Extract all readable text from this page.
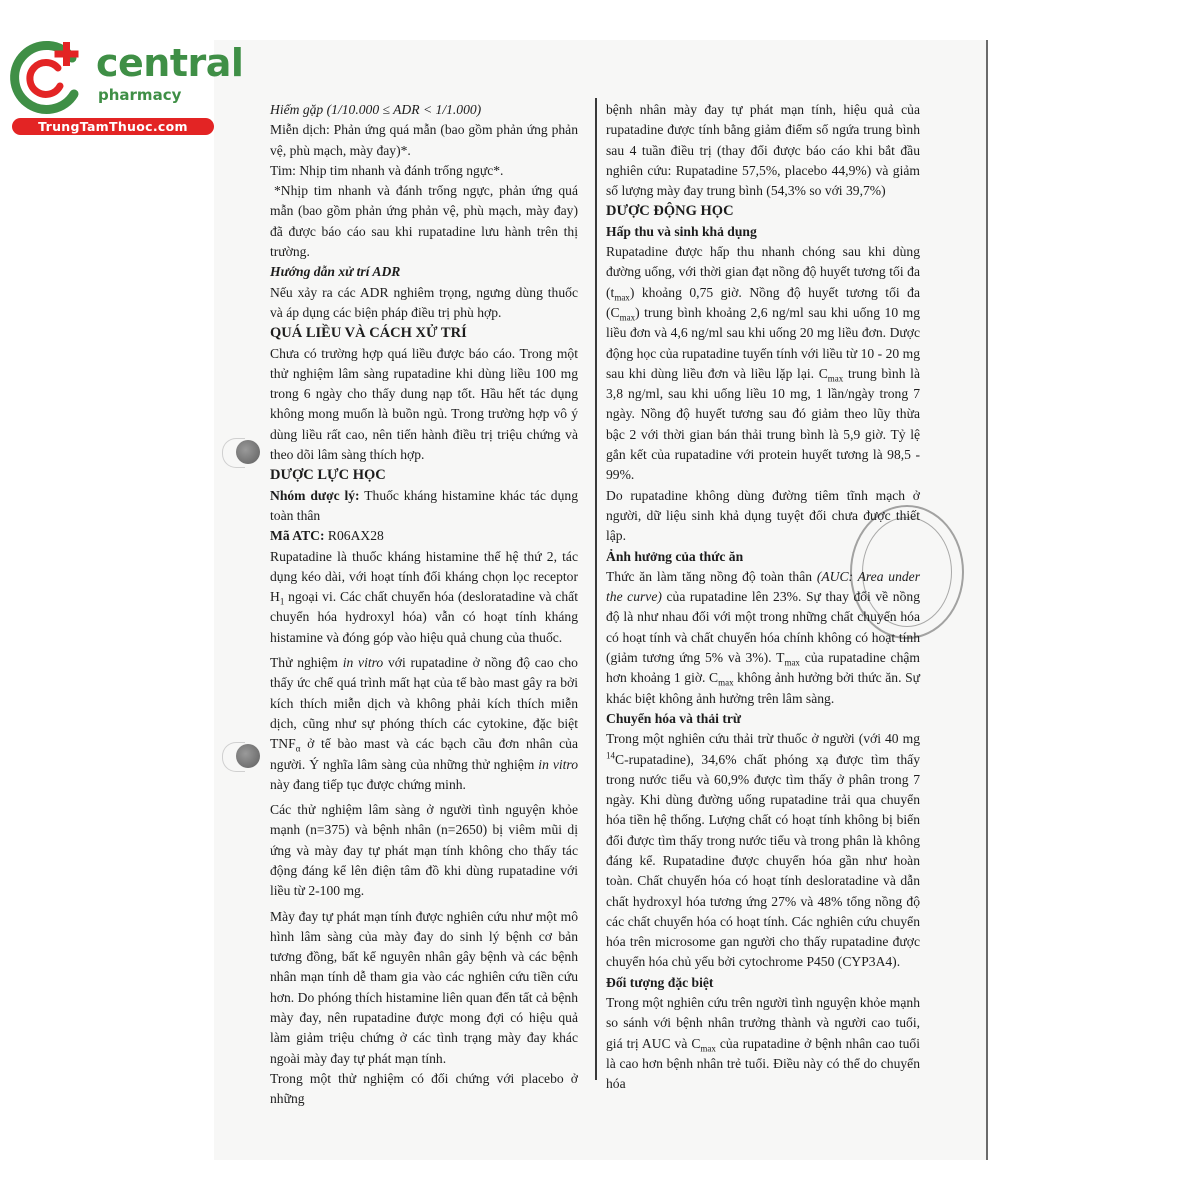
central
pharmacy
TrungTamThuoc.com

Hiếm gặp (1/10.000 ≤ ADR < 1/1.000)

Miễn dịch: Phản ứng quá mẫn (bao gồm phản ứng phản vệ, phù mạch, mày đay)*.

Tim: Nhịp tim nhanh và đánh trống ngực*.

*Nhịp tim nhanh và đánh trống ngực, phản ứng quá mẫn (bao gồm phản ứng phản vệ, phù mạch, mày đay) đã được báo cáo sau khi rupatadine lưu hành trên thị trường.

Hướng dẫn xử trí ADR

Nếu xảy ra các ADR nghiêm trọng, ngưng dùng thuốc và áp dụng các biện pháp điều trị phù hợp.

QUÁ LIỀU VÀ CÁCH XỬ TRÍ

Chưa có trường hợp quá liều được báo cáo. Trong một thử nghiệm lâm sàng rupatadine khi dùng liều 100 mg trong 6 ngày cho thấy dung nạp tốt. Hầu hết tác dụng không mong muốn là buồn ngủ. Trong trường hợp vô ý dùng liều rất cao, nên tiến hành điều trị triệu chứng và theo dõi lâm sàng thích hợp.

DƯỢC LỰC HỌC

Nhóm dược lý: Thuốc kháng histamine khác tác dụng toàn thân

Mã ATC: R06AX28

Rupatadine là thuốc kháng histamine thế hệ thứ 2, tác dụng kéo dài, với hoạt tính đối kháng chọn lọc receptor $H_1$ ngoại vi. Các chất chuyển hóa (desloratadine và chất chuyển hóa hydroxyl hóa) vẫn có hoạt tính kháng histamine và đóng góp vào hiệu quả chung của thuốc.

Thử nghiệm in vitro với rupatadine ở nồng độ cao cho thấy ức chế quá trình mất hạt của tế bào mast gây ra bởi kích thích miễn dịch và không phải kích thích miễn dịch, cũng như sự phóng thích các cytokine, đặc biệt $TNF_\alpha$ ở tế bào mast và các bạch cầu đơn nhân của người. Ý nghĩa lâm sàng của những thử nghiệm in vitro này đang tiếp tục được chứng minh.

Các thử nghiệm lâm sàng ở người tình nguyện khỏe mạnh (n=375) và bệnh nhân (n=2650) bị viêm mũi dị ứng và mày đay tự phát mạn tính không cho thấy tác động đáng kể lên điện tâm đồ khi dùng rupatadine với liều từ 2-100 mg.

Mày đay tự phát mạn tính được nghiên cứu như một mô hình lâm sàng của mày đay do sinh lý bệnh cơ bản tương đồng, bất kể nguyên nhân gây bệnh và các bệnh nhân mạn tính dễ tham gia vào các nghiên cứu tiền cứu hơn. Do phóng thích histamine liên quan đến tất cả bệnh mày đay, nên rupatadine được mong đợi có hiệu quả làm giảm triệu chứng ở các tình trạng mày đay khác ngoài mày đay tự phát mạn tính.

Trong một thử nghiệm có đối chứng với placebo ở những

bệnh nhân mày đay tự phát mạn tính, hiệu quả của rupatadine được tính bằng giảm điểm số ngứa trung bình sau 4 tuần điều trị (thay đổi được báo cáo khi bắt đầu nghiên cứu: Rupatadine 57,5%, placebo 44,9%) và giảm số lượng mày đay trung bình (54,3% so với 39,7%)

DƯỢC ĐỘNG HỌC

Hấp thu và sinh khả dụng

Rupatadine được hấp thu nhanh chóng sau khi dùng đường uống, với thời gian đạt nồng độ huyết tương tối đa $(t_{max})$ khoảng 0,75 giờ. Nồng độ huyết tương tối đa $(C_{max})$ trung bình khoảng 2,6 ng/ml sau khi uống 10 mg liều đơn và 4,6 ng/ml sau khi uống 20 mg liều đơn. Dược động học của rupatadine tuyến tính với liều từ 10 - 20 mg sau khi dùng liều đơn và liều lặp lại. $C_{max}$ trung bình là 3,8 ng/ml, sau khi uống liều 10 mg, 1 lần/ngày trong 7 ngày. Nồng độ huyết tương sau đó giảm theo lũy thừa bậc 2 với thời gian bán thải trung bình là 5,9 giờ. Tỷ lệ gắn kết của rupatadine với protein huyết tương là 98,5 - 99%.

Do rupatadine không dùng đường tiêm tĩnh mạch ở người, dữ liệu sinh khả dụng tuyệt đối chưa được thiết lập.

Ảnh hưởng của thức ăn

Thức ăn làm tăng nồng độ toàn thân (AUC: Area under the curve) của rupatadine lên 23%. Sự thay đổi về nồng độ là như nhau đối với một trong những chất chuyển hóa có hoạt tính và chất chuyển hóa chính không có hoạt tính (giảm tương ứng 5% và 3%). $T_{max}$ của rupatadine chậm hơn khoảng 1 giờ. $C_{max}$ không ảnh hưởng bởi thức ăn. Sự khác biệt không ảnh hưởng trên lâm sàng.

Chuyển hóa và thải trừ

Trong một nghiên cứu thải trừ thuốc ở người (với 40 mg $^{14}$C-rupatadine), 34,6% chất phóng xạ được tìm thấy trong nước tiểu và 60,9% được tìm thấy ở phân trong 7 ngày. Khi dùng đường uống rupatadine trải qua chuyển hóa tiền hệ thống. Lượng chất có hoạt tính không bị biến đổi được tìm thấy trong nước tiểu và trong phân là không đáng kể. Rupatadine được chuyển hóa gần như hoàn toàn. Chất chuyển hóa có hoạt tính desloratadine và dẫn chất hydroxyl hóa tương ứng 27% và 48% tổng nồng độ các chất chuyển hóa có hoạt tính. Các nghiên cứu chuyển hóa trên microsome gan người cho thấy rupatadine được chuyển hóa chủ yếu bởi cytochrome P450 (CYP3A4).

Đối tượng đặc biệt

Trong một nghiên cứu trên người tình nguyện khỏe mạnh so sánh với bệnh nhân trưởng thành và người cao tuổi, giá trị AUC và $C_{max}$ của rupatadine ở bệnh nhân cao tuổi là cao hơn bệnh nhân trẻ tuổi. Điều này có thể do chuyển hóa
